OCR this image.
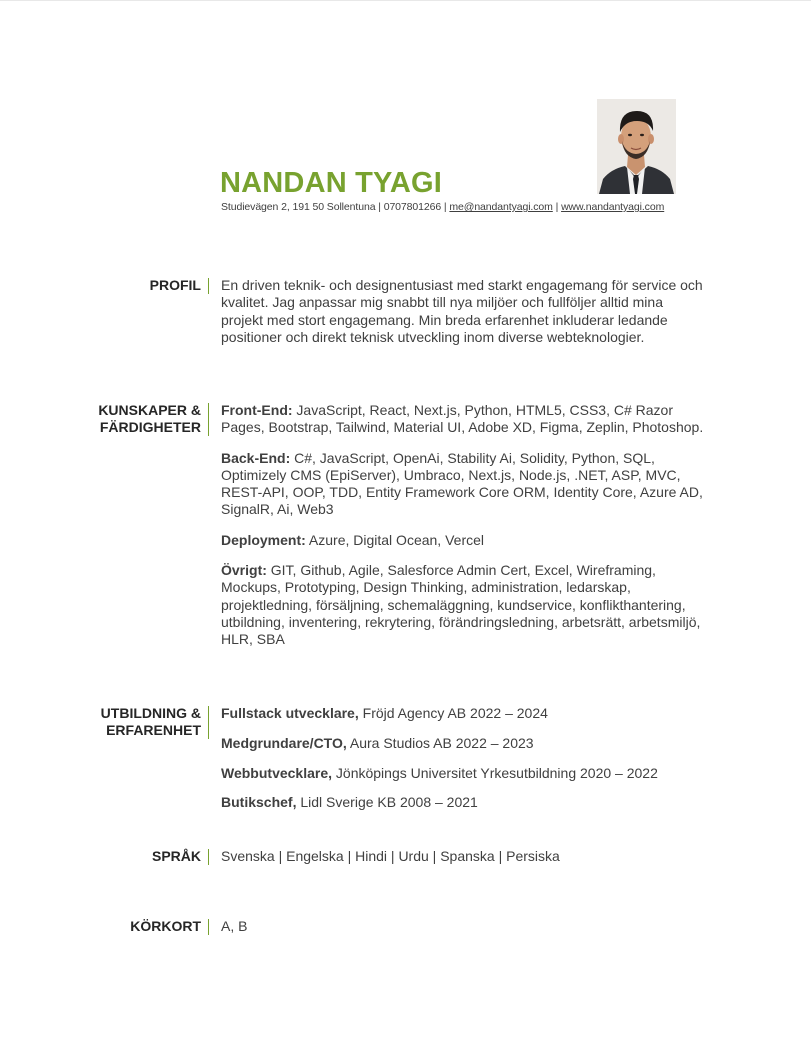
NANDAN TYAGI
Studievägen 2, 191 50 Sollentuna | 0707801266 | me@nandantyagi.com | www.nandantyagi.com
PROFIL En driven teknik- och designentusiast med starkt engagemang för service och kvalitet. Jag anpassar mig snabbt till nya miljöer och fullföljer alltid mina projekt med stort engagemang. Min breda erfarenhet inkluderar ledande positioner och direkt teknisk utveckling inom diverse webteknologier.
KUNSKAPER &
FÄRDIGHETER

Front-End: JavaScript, React, Next.js, Python, HTML5, CSS3, C# Razor Pages, Bootstrap, Tailwind, Material UI, Adobe XD, Figma, Zeplin, Photoshop.

Back-End: C#, JavaScript, OpenAi, Stability Ai, Solidity, Python, SQL, Optimizely CMS (EpiServer), Umbraco, Next.js, Node.js, .NET, ASP, MVC, REST-API, OOP, TDD, Entity Framework Core ORM, Identity Core, Azure AD, SignalR, Ai, Web3

Deployment: Azure, Digital Ocean, Vercel

Övrigt: GIT, Github, Agile, Salesforce Admin Cert, Excel, Wireframing, Mockups, Prototyping, Design Thinking, administration, ledarskap, projektledning, försäljning, schemaläggning, kundservice, konflikthantering, utbildning, inventering, rekrytering, förändringsledning, arbetsrätt, arbetsmiljö, HLR, SBA

UTBILDNING &
ERFARENHET

Fullstack utvecklare, Fröjd Agency AB 2022 – 2024

Medgrundare/CTO, Aura Studios AB 2022 – 2023

Webbutvecklare, Jönköpings Universitet Yrkesutbildning 2020 – 2022

Butikschef, Lidl Sverige KB 2008 – 2021

SPRÅK Svenska | Engelska | Hindi | Urdu | Spanska | Persiska
KÖRKORT A, B
